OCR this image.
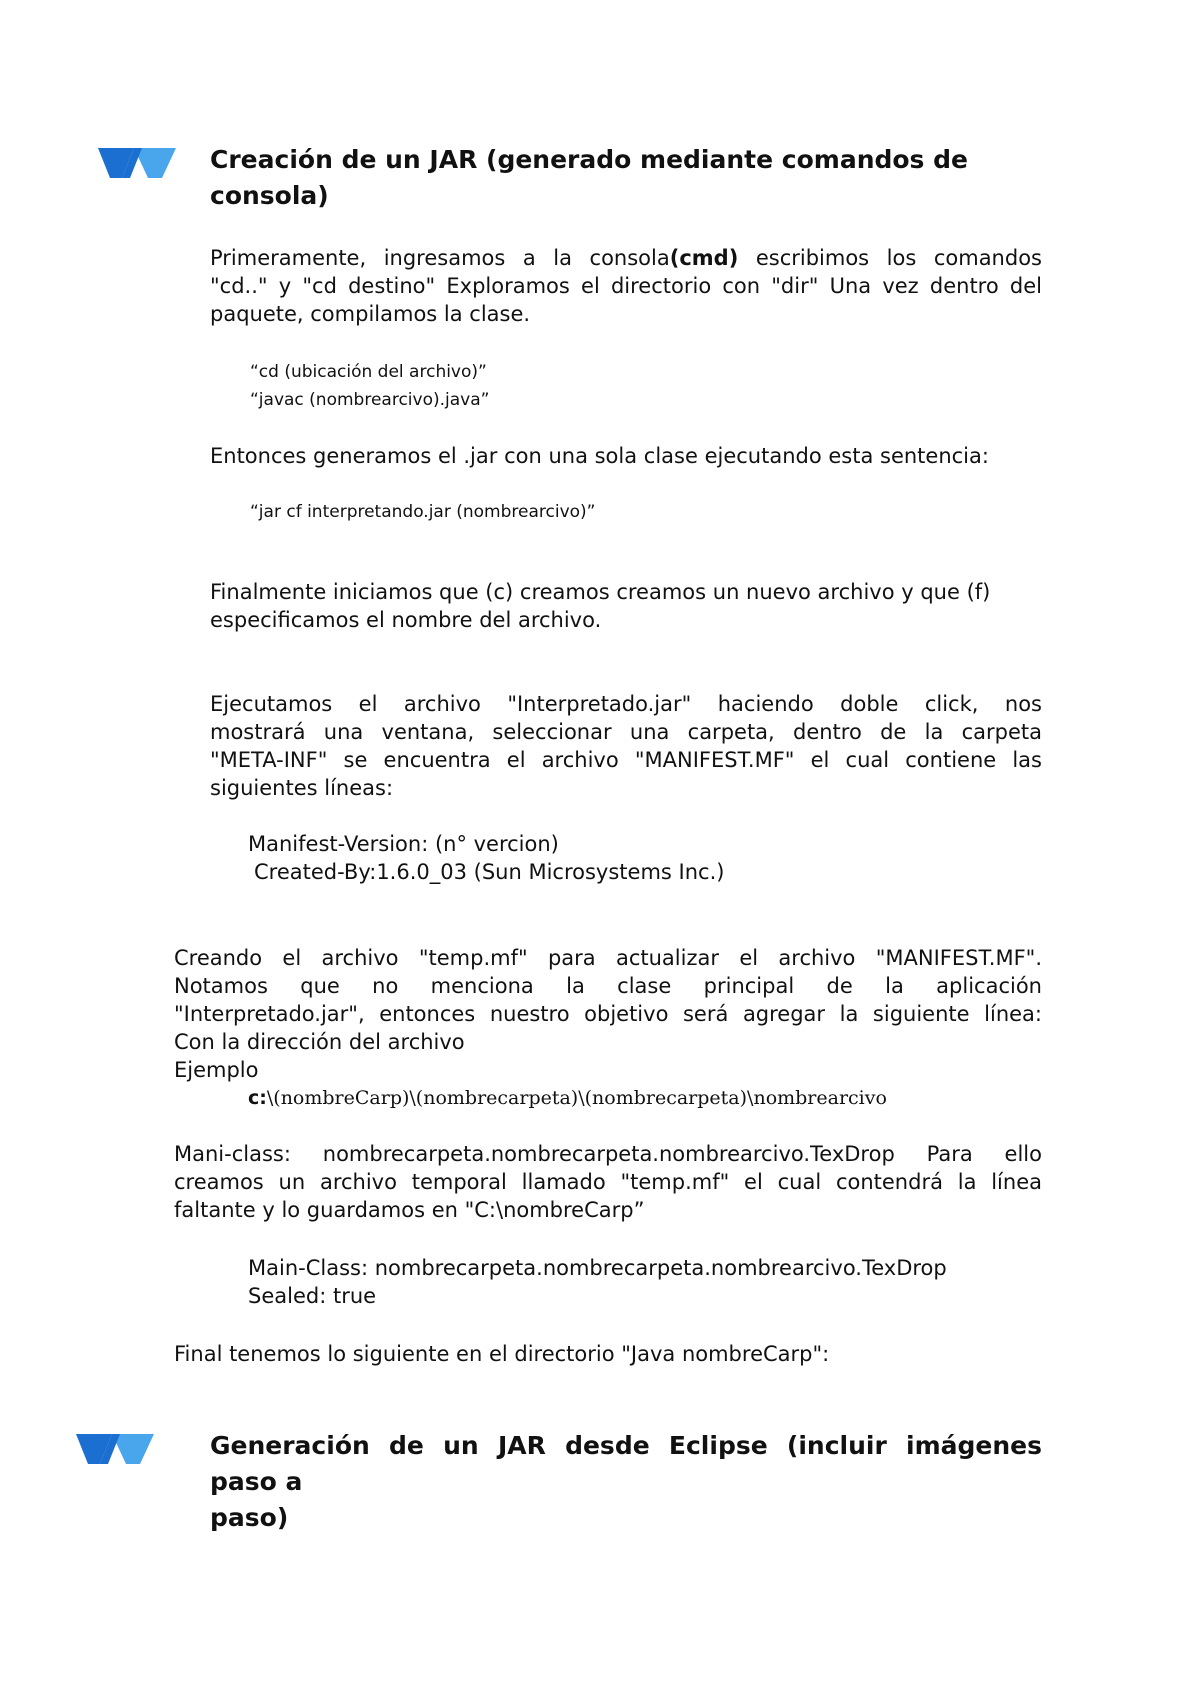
Creación de un JAR (generado mediante comandos de
consola)
Primeramente, ingresamos a la consola(cmd) escribimos los comandos
"cd.." y "cd destino" Exploramos el directorio con "dir" Una vez dentro del
paquete, compilamos la clase.
“cd (ubicación del archivo)”
“javac (nombrearcivo).java”
Entonces generamos el .jar con una sola clase ejecutando esta sentencia:
“jar cf interpretando.jar (nombrearcivo)”
Finalmente iniciamos que (c) creamos creamos un nuevo archivo y que (f)
especificamos el nombre del archivo.
Ejecutamos el archivo "Interpretado.jar" haciendo doble click, nos
mostrará una ventana, seleccionar una carpeta, dentro de la carpeta
"META-INF" se encuentra el archivo "MANIFEST.MF" el cual contiene las
siguientes líneas:
Manifest-Version: (n° vercion)
Created-By:1.6.0_03 (Sun Microsystems Inc.)
Creando el archivo "temp.mf" para actualizar el archivo "MANIFEST.MF".
Notamos que no menciona la clase principal de la aplicación
"Interpretado.jar", entonces nuestro objetivo será agregar la siguiente línea:
Con la dirección del archivo
Ejemplo
c:\(nombreCarp)\(nombrecarpeta)\(nombrecarpeta)\nombrearcivo
Mani-class: nombrecarpeta.nombrecarpeta.nombrearcivo.TexDrop Para ello
creamos un archivo temporal llamado "temp.mf" el cual contendrá la línea
faltante y lo guardamos en "C:\nombreCarp”
Main-Class: nombrecarpeta.nombrecarpeta.nombrearcivo.TexDrop
Sealed: true
Final tenemos lo siguiente en el directorio "Java nombreCarp":
Generación de un JAR desde Eclipse (incluir imágenes paso a
paso)
